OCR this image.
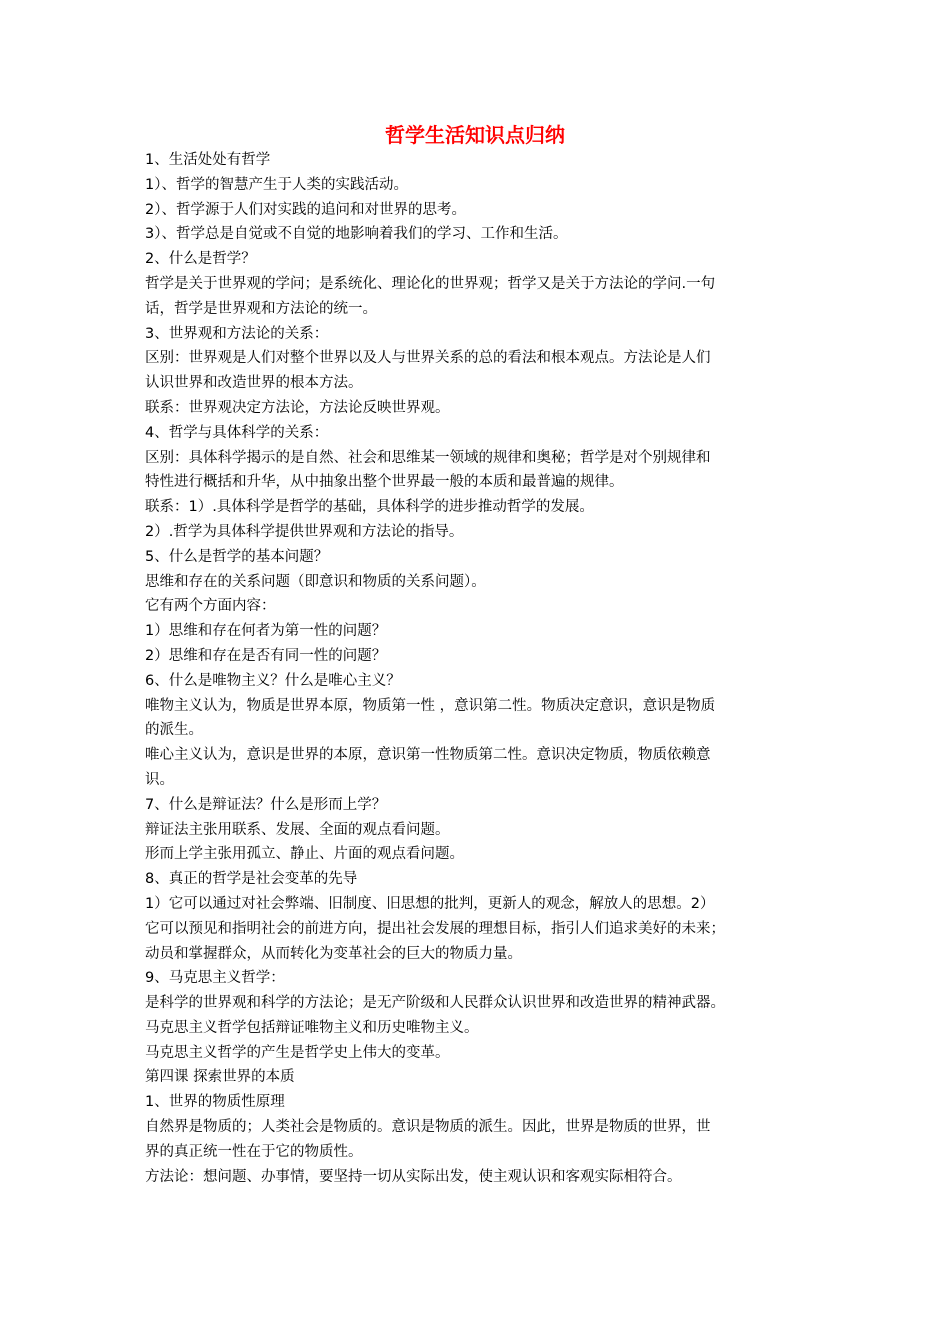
哲学生活知识点归纳
1、生活处处有哲学
1）、哲学的智慧产生于人类的实践活动。
2）、哲学源于人们对实践的追问和对世界的思考。
3）、哲学总是自觉或不自觉的地影响着我们的学习、工作和生活。
2、什么是哲学？
哲学是关于世界观的学问；是系统化、理论化的世界观；哲学又是关于方法论的学问.一句
话，哲学是世界观和方法论的统一。
3、世界观和方法论的关系：
区别：世界观是人们对整个世界以及人与世界关系的总的看法和根本观点。方法论是人们
认识世界和改造世界的根本方法。
联系：世界观决定方法论，方法论反映世界观。
4、哲学与具体科学的关系：
区别：具体科学揭示的是自然、社会和思维某一领域的规律和奥秘；哲学是对个别规律和
特性进行概括和升华，从中抽象出整个世界最一般的本质和最普遍的规律。
联系：1）.具体科学是哲学的基础，具体科学的进步推动哲学的发展。
2）.哲学为具体科学提供世界观和方法论的指导。
5、什么是哲学的基本问题？
思维和存在的关系问题（即意识和物质的关系问题）。
它有两个方面内容：
1）思维和存在何者为第一性的问题？
2）思维和存在是否有同一性的问题？
6、什么是唯物主义？什么是唯心主义？
唯物主义认为，物质是世界本原，物质第一性 ，意识第二性。物质决定意识，意识是物质
的派生。
唯心主义认为，意识是世界的本原，意识第一性物质第二性。意识决定物质，物质依赖意
识。
7、什么是辩证法？什么是形而上学？
辩证法主张用联系、发展、全面的观点看问题。
形而上学主张用孤立、静止、片面的观点看问题。
8、真正的哲学是社会变革的先导
1）它可以通过对社会弊端、旧制度、旧思想的批判，更新人的观念，解放人的思想。2）
它可以预见和指明社会的前进方向，提出社会发展的理想目标，指引人们追求美好的未来；
动员和掌握群众，从而转化为变革社会的巨大的物质力量。
9、马克思主义哲学：
是科学的世界观和科学的方法论；是无产阶级和人民群众认识世界和改造世界的精神武器。
马克思主义哲学包括辩证唯物主义和历史唯物主义。
马克思主义哲学的产生是哲学史上伟大的变革。
第四课 探索世界的本质
1、世界的物质性原理
自然界是物质的；人类社会是物质的。意识是物质的派生。因此，世界是物质的世界，世
界的真正统一性在于它的物质性。
方法论：想问题、办事情，要坚持一切从实际出发，使主观认识和客观实际相符合。
